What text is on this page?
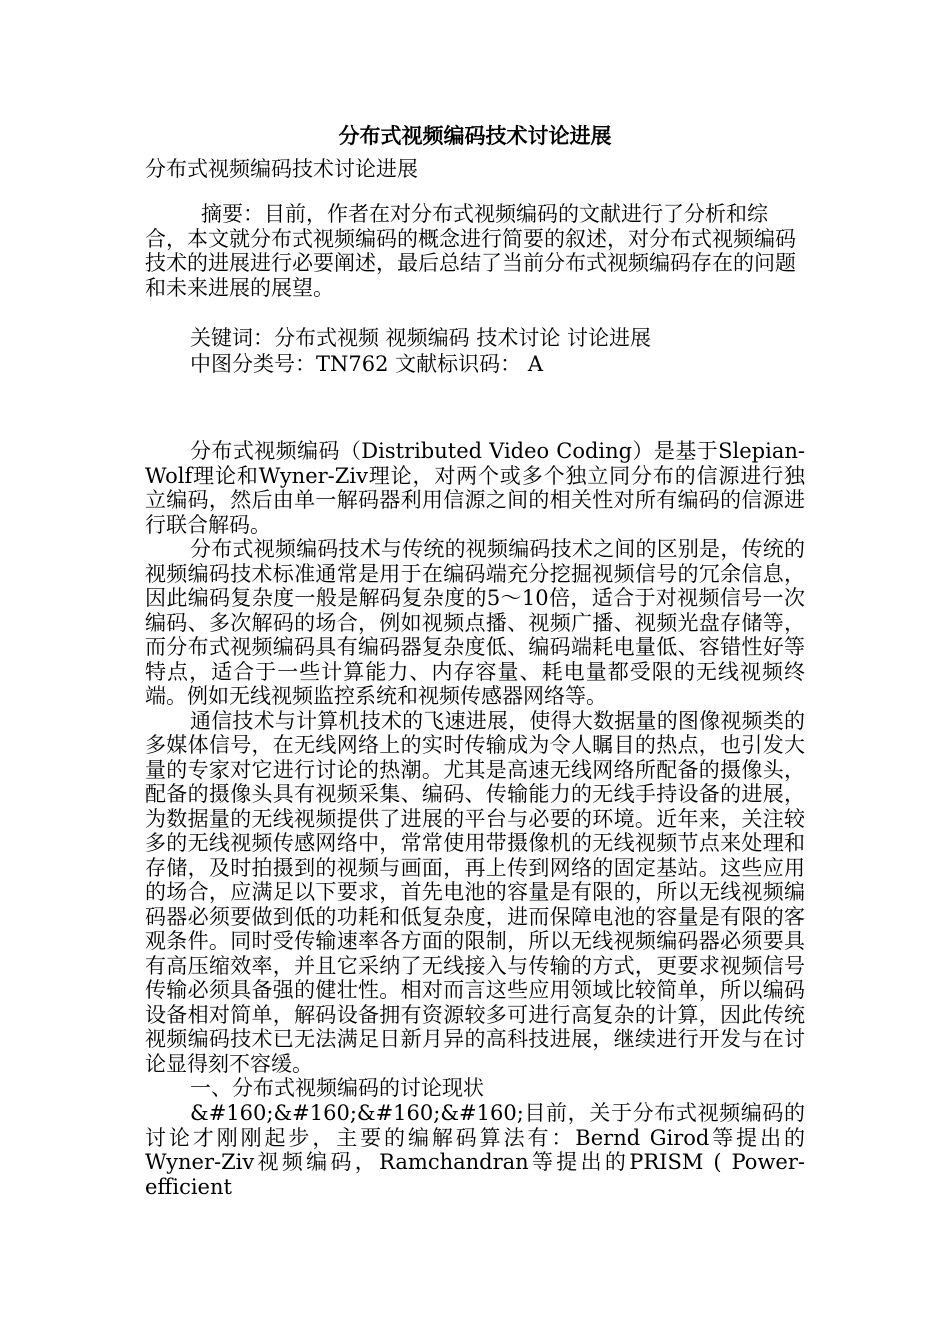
分布式视频编码技术讨论进展

分布式视频编码技术讨论进展

摘要：目前，作者在对分布式视频编码的文献进行了分析和综合，本文就分布式视频编码的概念进行简要的叙述，对分布式视频编码技术的进展进行必要阐述，最后总结了当前分布式视频编码存在的问题和未来进展的展望。

关键词：分布式视频 视频编码 技术讨论 讨论进展

中图分类号：TN762 文献标识码： A

分布式视频编码（Distributed Video Coding）是基于Slepian-Wolf理论和Wyner-Ziv理论，对两个或多个独立同分布的信源进行独立编码，然后由单一解码器利用信源之间的相关性对所有编码的信源进行联合解码。

分布式视频编码技术与传统的视频编码技术之间的区别是，传统的视频编码技术标准通常是用于在编码端充分挖掘视频信号的冗余信息，因此编码复杂度一般是解码复杂度的5～10倍，适合于对视频信号一次编码、多次解码的场合，例如视频点播、视频广播、视频光盘存储等，而分布式视频编码具有编码器复杂度低、编码端耗电量低、容错性好等特点，适合于一些计算能力、内存容量、耗电量都受限的无线视频终端。例如无线视频监控系统和视频传感器网络等。

通信技术与计算机技术的飞速进展，使得大数据量的图像视频类的多媒体信号，在无线网络上的实时传输成为令人瞩目的热点，也引发大量的专家对它进行讨论的热潮。尤其是高速无线网络所配备的摄像头，配备的摄像头具有视频采集、编码、传输能力的无线手持设备的进展，为数据量的无线视频提供了进展的平台与必要的环境。近年来，关注较多的无线视频传感网络中，常常使用带摄像机的无线视频节点来处理和存储，及时拍摄到的视频与画面，再上传到网络的固定基站。这些应用的场合，应满足以下要求，首先电池的容量是有限的，所以无线视频编码器必须要做到低的功耗和低复杂度，进而保障电池的容量是有限的客观条件。同时受传输速率各方面的限制，所以无线视频编码器必须要具有高压缩效率，并且它采纳了无线接入与传输的方式，更要求视频信号传输必须具备强的健壮性。相对而言这些应用领域比较简单，所以编码设备相对简单，解码设备拥有资源较多可进行高复杂的计算，因此传统视频编码技术已无法满足日新月异的高科技进展，继续进行开发与在讨论显得刻不容缓。

一、分布式视频编码的讨论现状

&#160;&#160;&#160;&#160;目前，关于分布式视频编码的讨论才刚刚起步，主要的编解码算法有：Bernd Girod等提出的Wyner-Ziv视频编码，Ramchandran等提出的PRISM ( Power-efficient
